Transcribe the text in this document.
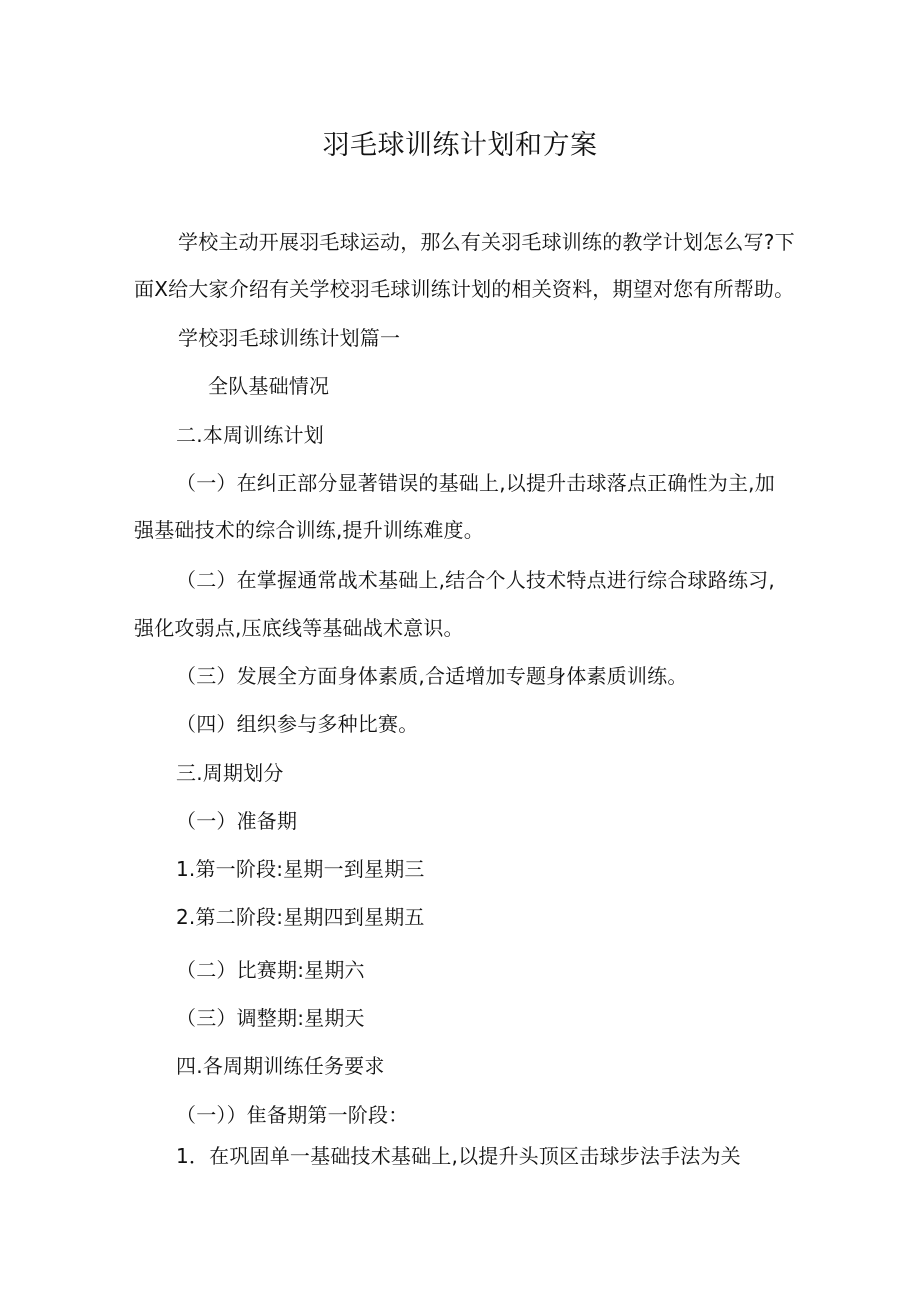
羽毛球训练计划和方案
学校主动开展羽毛球运动，那么有关羽毛球训练的教学计划怎么写?下
面X给大家介绍有关学校羽毛球训练计划的相关资料，期望对您有所帮助。
学校羽毛球训练计划篇一
全队基础情况
二.本周训练计划
（一）在纠正部分显著错误的基础上,以提升击球落点正确性为主,加
强基础技术的综合训练,提升训练难度。
（二）在掌握通常战术基础上,结合个人技术特点进行综合球路练习,
强化攻弱点,压底线等基础战术意识。
（三）发展全方面身体素质,合适增加专题身体素质训练。
（四）组织参与多种比赛。
三.周期划分
（一）准备期
1.第一阶段:星期一到星期三
2.第二阶段:星期四到星期五
（二）比赛期:星期六
（三）调整期:星期天
四.各周期训练任务要求
（一））隹备期第一阶段：
1．在巩固单一基础技术基础上,以提升头顶区击球步法手法为关
